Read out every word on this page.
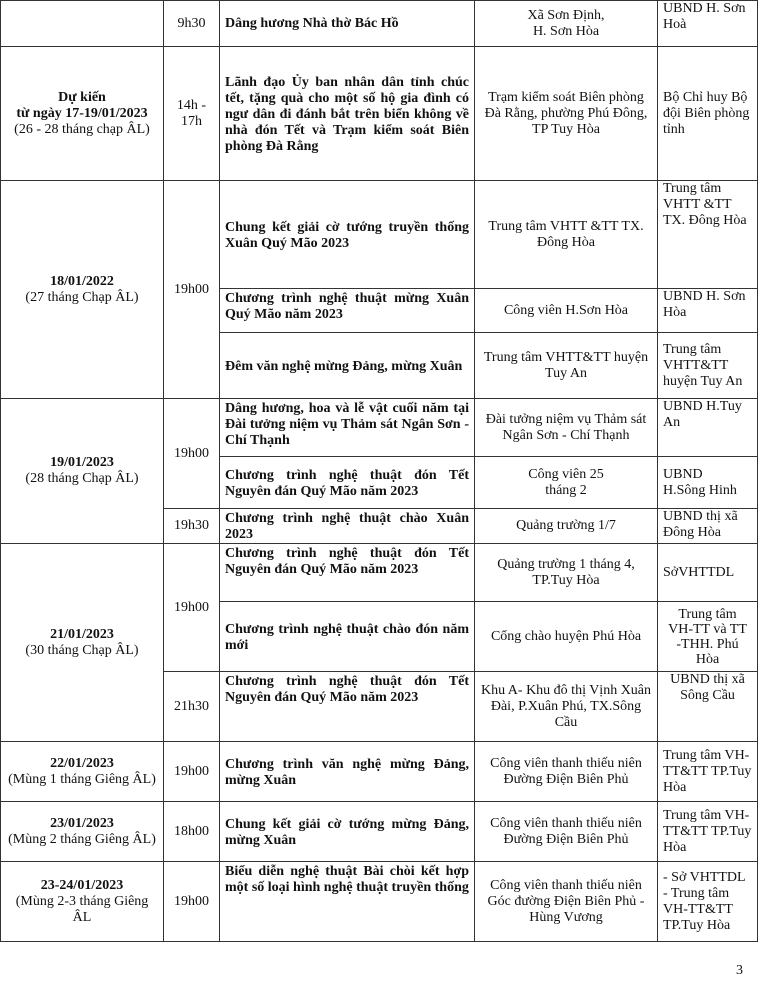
	9h30	Dâng hương Nhà thờ Bác Hồ	Xã Sơn Định,
H. Sơn Hòa	UBND H. Sơn Hoà

Dự kiến
từ ngày 17-19/01/2023
(26 - 28 tháng chạp ÂL)	14h - 17h	Lãnh đạo Ủy ban nhân dân tỉnh chúc tết, tặng quà cho một số hộ gia đình có ngư dân đi đánh bắt trên biển không về nhà đón Tết và Trạm kiểm soát Biên phòng Đà Rằng	Trạm kiểm soát Biên phòng Đà Rằng, phường Phú Đông, TP Tuy Hòa	Bộ Chỉ huy Bộ đội Biên phòng tỉnh

18/01/2022
(27 tháng Chạp ÂL)	19h00	Chung kết giải cờ tướng truyền thống Xuân Quý Mão 2023	Trung tâm VHTT &TT TX. Đông Hòa	Trung tâm VHTT &TT TX. Đông Hòa
		Chương trình nghệ thuật mừng Xuân Quý Mão năm 2023	Công viên H.Sơn Hòa	UBND H. Sơn Hòa
		Đêm văn nghệ mừng Đảng, mừng Xuân	Trung tâm VHTT&TT huyện Tuy An	Trung tâm VHTT&TT huyện Tuy An

19/01/2023
(28 tháng Chạp ÂL)	19h00	Dâng hương, hoa và lễ vật cuối năm tại Đài tưởng niệm vụ Thảm sát Ngân Sơn - Chí Thạnh	Đài tưởng niệm vụ Thảm sát Ngân Sơn - Chí Thạnh	UBND H.Tuy An
		Chương trình nghệ thuật đón Tết Nguyên đán Quý Mão năm 2023	Công viên 25
tháng 2	UBND
H.Sông Hinh
	19h30	Chương trình nghệ thuật chào Xuân 2023	Quảng trường 1/7	UBND thị xã Đông Hòa

21/01/2023
(30 tháng Chạp ÂL)	19h00	Chương trình nghệ thuật đón Tết Nguyên đán Quý Mão năm 2023	Quảng trường 1 tháng 4, TP.Tuy Hòa	SởVHTTDL
		Chương trình nghệ thuật chào đón năm mới	Cổng chào huyện Phú Hòa	Trung tâm
VH-TT và TT
-THH. Phú
Hòa
	21h30	Chương trình nghệ thuật đón Tết Nguyên đán Quý Mão năm 2023	Khu A- Khu đô thị Vịnh Xuân Đài, P.Xuân Phú, TX.Sông Cầu	UBND thị xã
Sông Cầu

22/01/2023
(Mùng 1 tháng Giêng ÂL)	19h00	Chương trình văn nghệ mừng Đảng, mừng Xuân	Công viên thanh thiếu niên Đường Điện Biên Phủ	Trung tâm VH-TT&TT TP.Tuy Hòa

23/01/2023
(Mùng 2 tháng Giêng ÂL)	18h00	Chung kết giải cờ tướng mừng Đảng, mừng Xuân	Công viên thanh thiếu niên Đường Điện Biên Phủ	Trung tâm VH-TT&TT TP.Tuy Hòa

23-24/01/2023
(Mùng 2-3 tháng Giêng ÂL	19h00	Biểu diễn nghệ thuật Bài chòi kết hợp một số loại hình nghệ thuật truyền thống	Công viên thanh thiếu niên Góc đường Điện Biên Phủ - Hùng Vương	- Sở VHTTDL
- Trung tâm VH-TT&TT TP.Tuy Hòa
3
